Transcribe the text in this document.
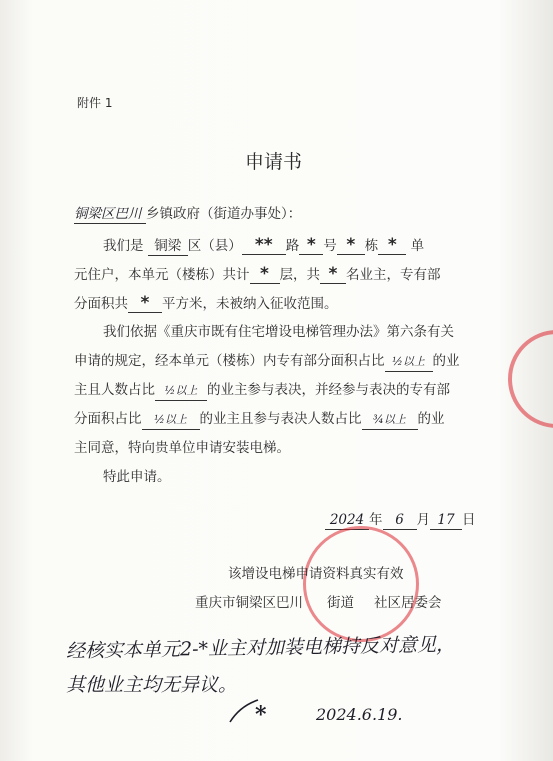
附件 1
申请书
铜梁区巴川 乡镇政府（街道办事处）：
我们是 铜梁 区（县） ** 路 * 号 * 栋 * 单
元住户，本单元（楼栋）共计 * 层，共 * 名业主，专有部
分面积共 * 平方米，未被纳入征收范围。
我们依据《重庆市既有住宅增设电梯管理办法》第六条有关
申请的规定，经本单元（楼栋）内专有部分面积占比 ½以上 的业
主且人数占比 ½以上 的业主参与表决，并经参与表决的专有部
分面积占比 ½以上 的业主且参与表决人数占比 ¾以上 的业
主同意，特向贵单位申请安装电梯。
特此申请。
2024 年 6 月 17 日
该增设电梯申请资料真实有效
重庆市铜梁区巴川 街道 社区居委会
经核实本单元2-*业主对加装电梯持反对意见，
其他业主均无异议。
*	2024.6.19.
